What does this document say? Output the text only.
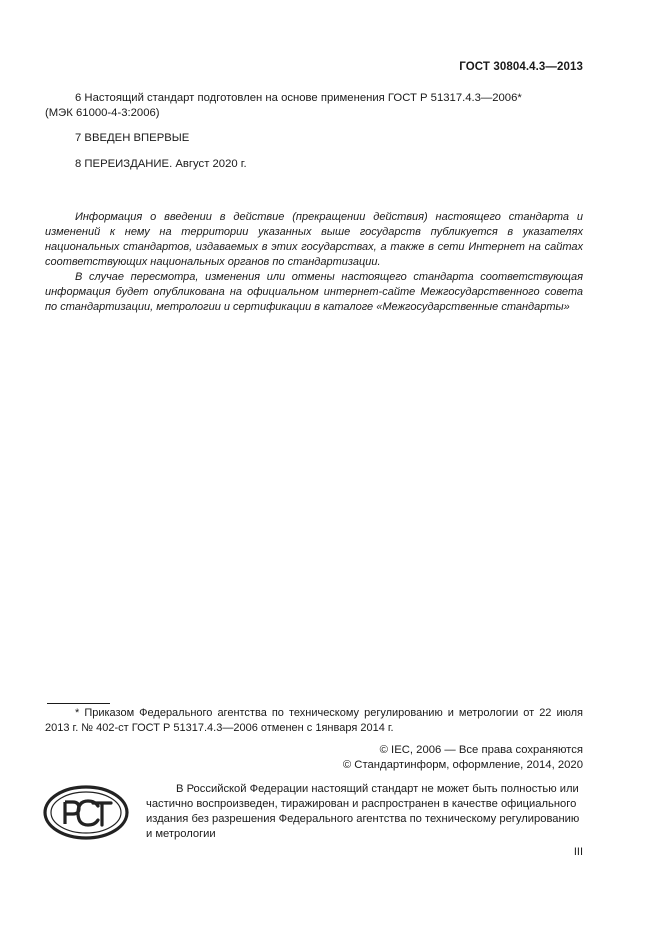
ГОСТ 30804.4.3—2013
6 Настоящий стандарт подготовлен на основе применения ГОСТ Р 51317.4.3—2006*
(МЭК 61000-4-3:2006)
7 ВВЕДЕН ВПЕРВЫЕ
8 ПЕРЕИЗДАНИЕ. Август 2020 г.

Информация о введении в действие (прекращении действия) настоящего стандарта и изменений к нему на территории указанных выше государств публикуется в указателях национальных стандартов, издаваемых в этих государствах, а также в сети Интернет на сайтах соответствующих национальных органов по стандартизации.

В случае пересмотра, изменения или отмены настоящего стандарта соответствующая информация будет опубликована на официальном интернет-сайте Межгосударственного совета по стандартизации, метрологии и сертификации в каталоге «Межгосударственные стандарты»

* Приказом Федерального агентства по техническому регулированию и метрологии от 22 июля 2013 г. № 402-ст ГОСТ Р 51317.4.3—2006 отменен с 1января 2014 г.

© IEC, 2006 — Все права сохраняются
© Стандартинформ, оформление, 2014, 2020

В Российской Федерации настоящий стандарт не может быть полностью или частично воспроизведен, тиражирован и распространен в качестве официального издания без разрешения Федерального агентства по техническому регулированию и метрологии

III
